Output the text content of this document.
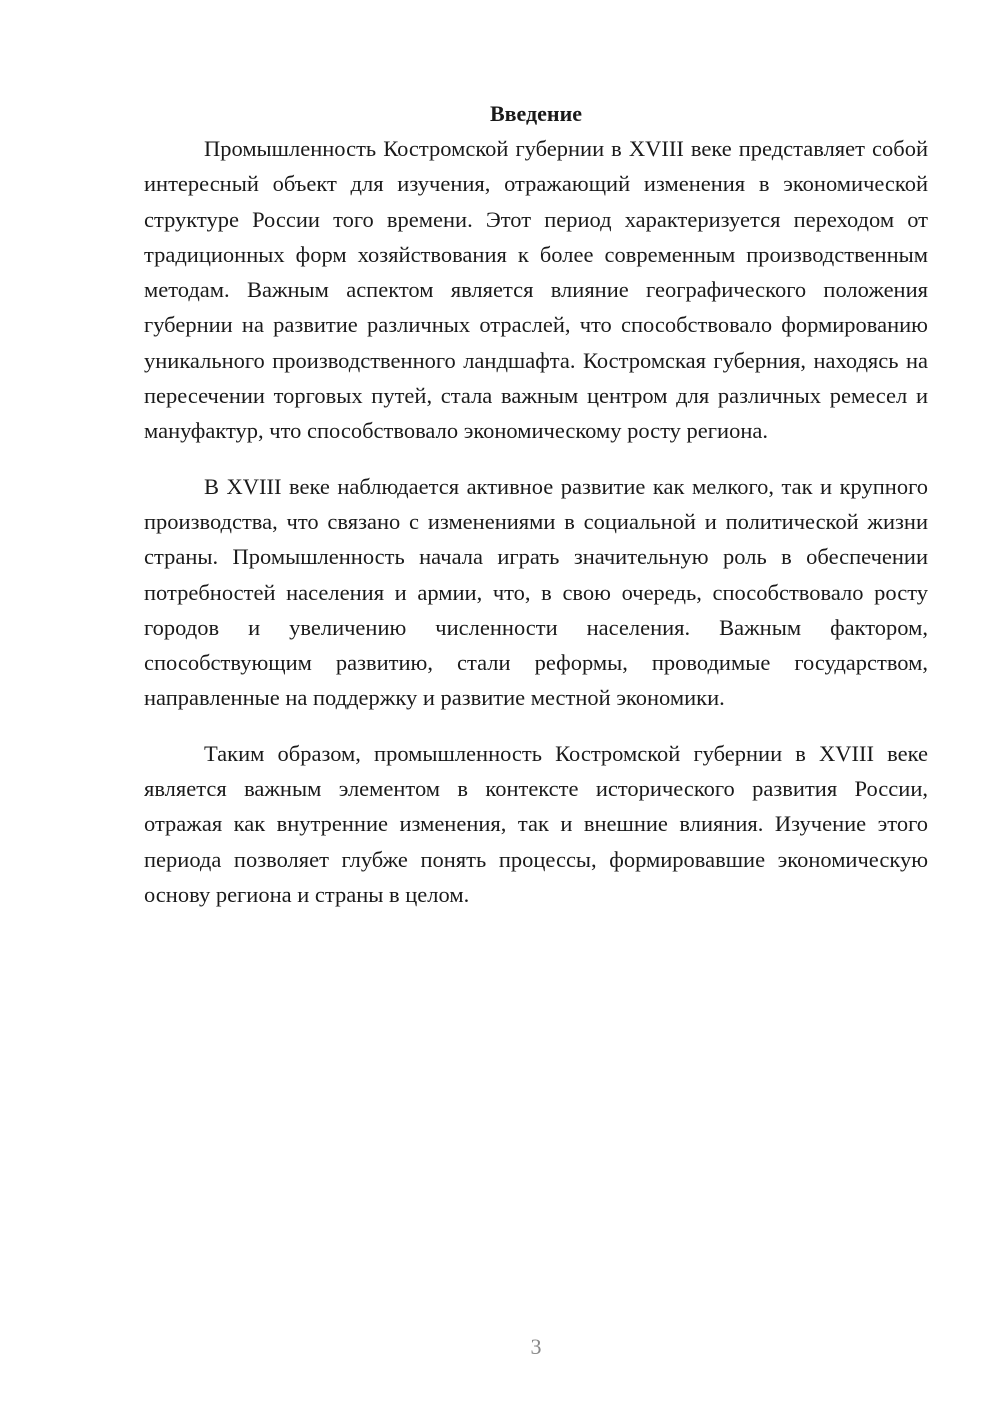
Введение

Промышленность Костромской губернии в XVIII веке представляет собой интересный объект для изучения, отражающий изменения в экономической структуре России того времени. Этот период характеризуется переходом от традиционных форм хозяйствования к более современным производственным методам. Важным аспектом является влияние географического положения губернии на развитие различных отраслей, что способствовало формированию уникального производственного ландшафта. Костромская губерния, находясь на пересечении торговых путей, стала важным центром для различных ремесел и мануфактур, что способствовало экономическому росту региона.

В XVIII веке наблюдается активное развитие как мелкого, так и крупного производства, что связано с изменениями в социальной и политической жизни страны. Промышленность начала играть значительную роль в обеспечении потребностей населения и армии, что, в свою очередь, способствовало росту городов и увеличению численности населения. Важным фактором, способствующим развитию, стали реформы, проводимые государством, направленные на поддержку и развитие местной экономики.

Таким образом, промышленность Костромской губернии в XVIII веке является важным элементом в контексте исторического развития России, отражая как внутренние изменения, так и внешние влияния. Изучение этого периода позволяет глубже понять процессы, формировавшие экономическую основу региона и страны в целом.

3
